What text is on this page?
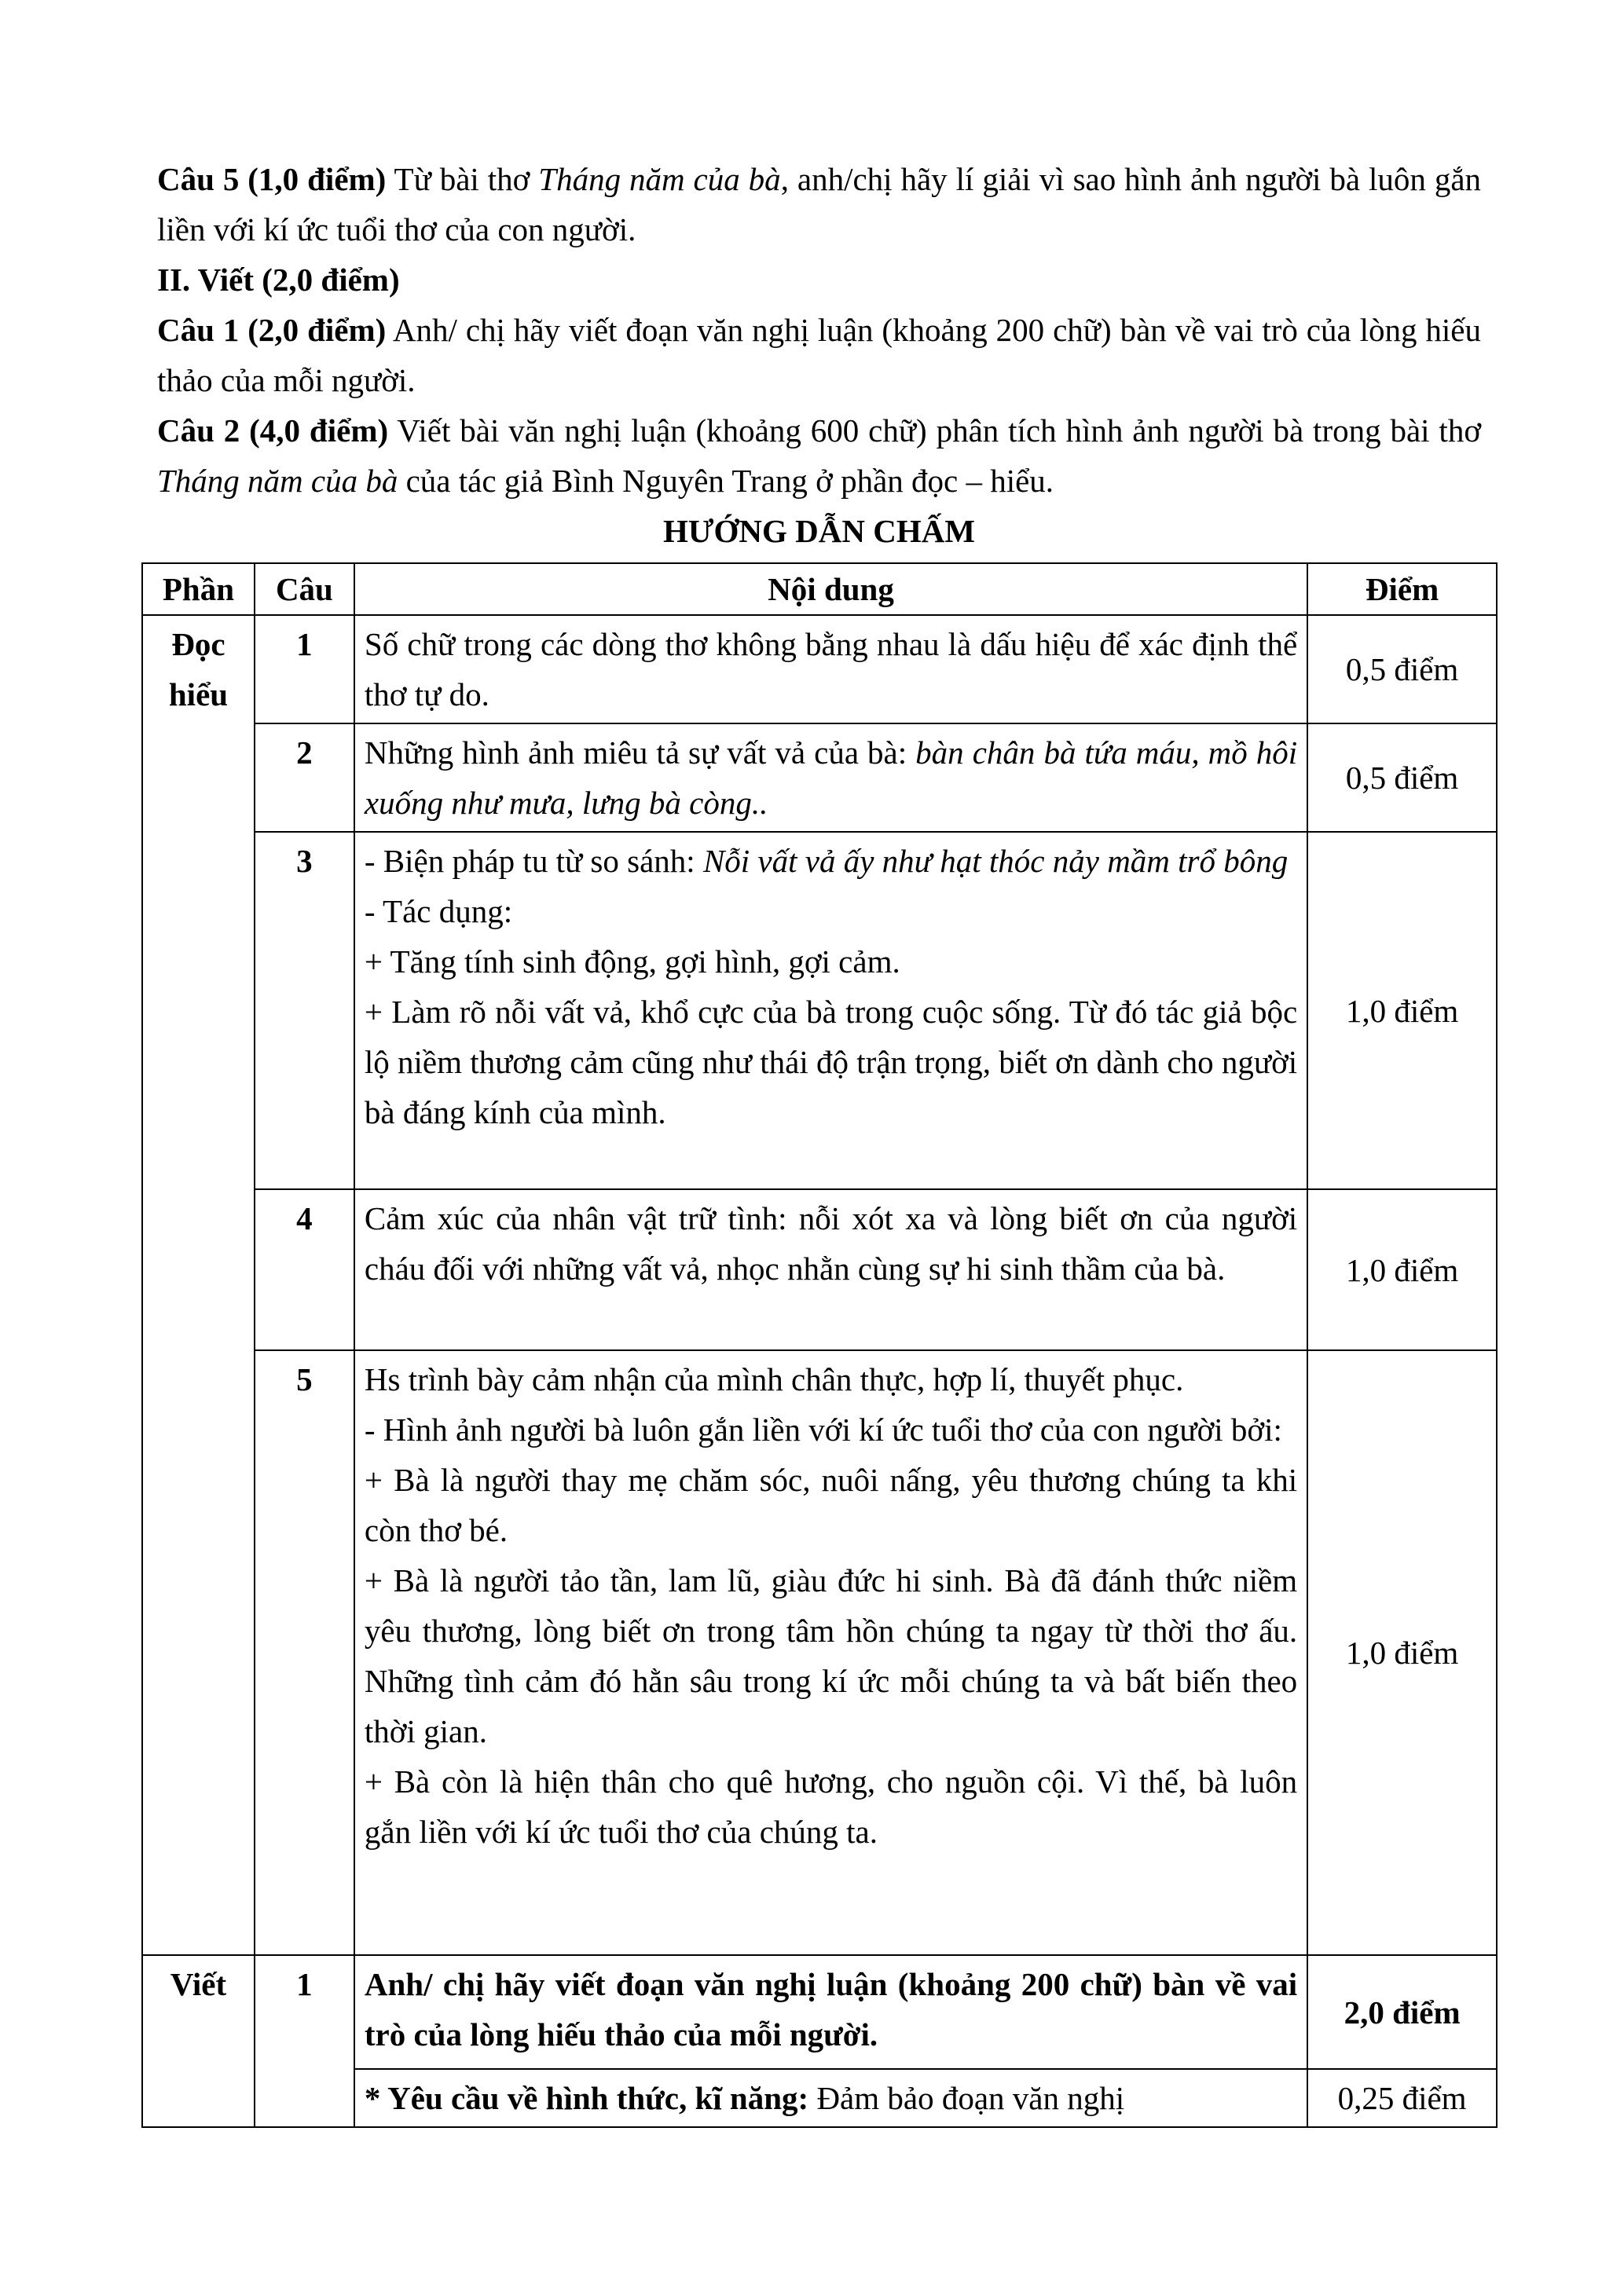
Câu 5 (1,0 điểm) Từ bài thơ Tháng năm của bà, anh/chị hãy lí giải vì sao hình ảnh người bà luôn gắn liền với kí ức tuổi thơ của con người.

II. Viết (2,0 điểm)

Câu 1 (2,0 điểm) Anh/ chị hãy viết đoạn văn nghị luận (khoảng 200 chữ) bàn về vai trò của lòng hiếu thảo của mỗi người.

Câu 2 (4,0 điểm) Viết bài văn nghị luận (khoảng 600 chữ) phân tích hình ảnh người bà trong bài thơ Tháng năm của bà của tác giả Bình Nguyên Trang ở phần đọc – hiểu.

HƯỚNG DẪN CHẤM

Phần	Câu	Nội dung	Điểm
Đọc hiểu	1	Số chữ trong các dòng thơ không bằng nhau là dấu hiệu để xác định thể thơ tự do.	0,5 điểm
	2	Những hình ảnh miêu tả sự vất vả của bà: bàn chân bà tứa máu, mồ hôi xuống như mưa, lưng bà còng..	0,5 điểm
	3	- Biện pháp tu từ so sánh: Nỗi vất vả ấy như hạt thóc nảy mầm trổ bông
- Tác dụng:
+ Tăng tính sinh động, gợi hình, gợi cảm.
+ Làm rõ nỗi vất vả, khổ cực của bà trong cuộc sống. Từ đó tác giả bộc lộ niềm thương cảm cũng như thái độ trận trọng, biết ơn dành cho người bà đáng kính của mình.	1,0 điểm
	4	Cảm xúc của nhân vật trữ tình: nỗi xót xa và lòng biết ơn của người cháu đối với những vất vả, nhọc nhằn cùng sự hi sinh thầm của bà.	1,0 điểm
	5	Hs trình bày cảm nhận của mình chân thực, hợp lí, thuyết phục.
- Hình ảnh người bà luôn gắn liền với kí ức tuổi thơ của con người bởi:
+ Bà là người thay mẹ chăm sóc, nuôi nấng, yêu thương chúng ta khi còn thơ bé.
+ Bà là người tảo tần, lam lũ, giàu đức hi sinh. Bà đã đánh thức niềm yêu thương, lòng biết ơn trong tâm hồn chúng ta ngay từ thời thơ ấu. Những tình cảm đó hằn sâu trong kí ức mỗi chúng ta và bất biến theo thời gian.
+ Bà còn là hiện thân cho quê hương, cho nguồn cội. Vì thế, bà luôn gắn liền với kí ức tuổi thơ của chúng ta.	1,0 điểm
Viết	1	Anh/ chị hãy viết đoạn văn nghị luận (khoảng 200 chữ) bàn về vai trò của lòng hiếu thảo của mỗi người.	2,0 điểm
		* Yêu cầu về hình thức, kĩ năng: Đảm bảo đoạn văn nghị	0,25 điểm
